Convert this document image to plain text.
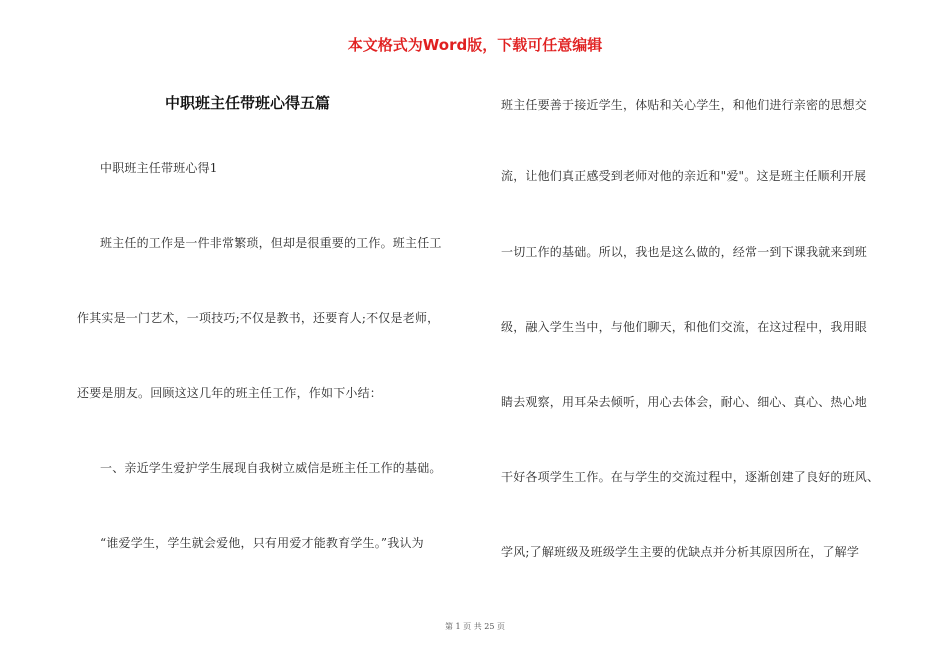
本文格式为Word版，下载可任意编辑
中职班主任带班心得五篇
中职班主任带班心得1
班主任的工作是一件非常繁琐，但却是很重要的工作。班主任工
作其实是一门艺术，一项技巧;不仅是教书，还要育人;不仅是老师，
还要是朋友。回顾这这几年的班主任工作，作如下小结：
一、亲近学生爱护学生展现自我树立威信是班主任工作的基础。
“谁爱学生，学生就会爱他，只有用爱才能教育学生。”我认为
班主任要善于接近学生，体贴和关心学生，和他们进行亲密的思想交
流，让他们真正感受到老师对他的亲近和"爱"。这是班主任顺利开展
一切工作的基础。所以，我也是这么做的，经常一到下课我就来到班
级，融入学生当中，与他们聊天，和他们交流，在这过程中，我用眼
睛去观察，用耳朵去倾听，用心去体会，耐心、细心、真心、热心地
干好各项学生工作。在与学生的交流过程中，逐渐创建了良好的班风、
学风;了解班级及班级学生主要的优缺点并分析其原因所在，了解学
第 1 页 共 25 页
